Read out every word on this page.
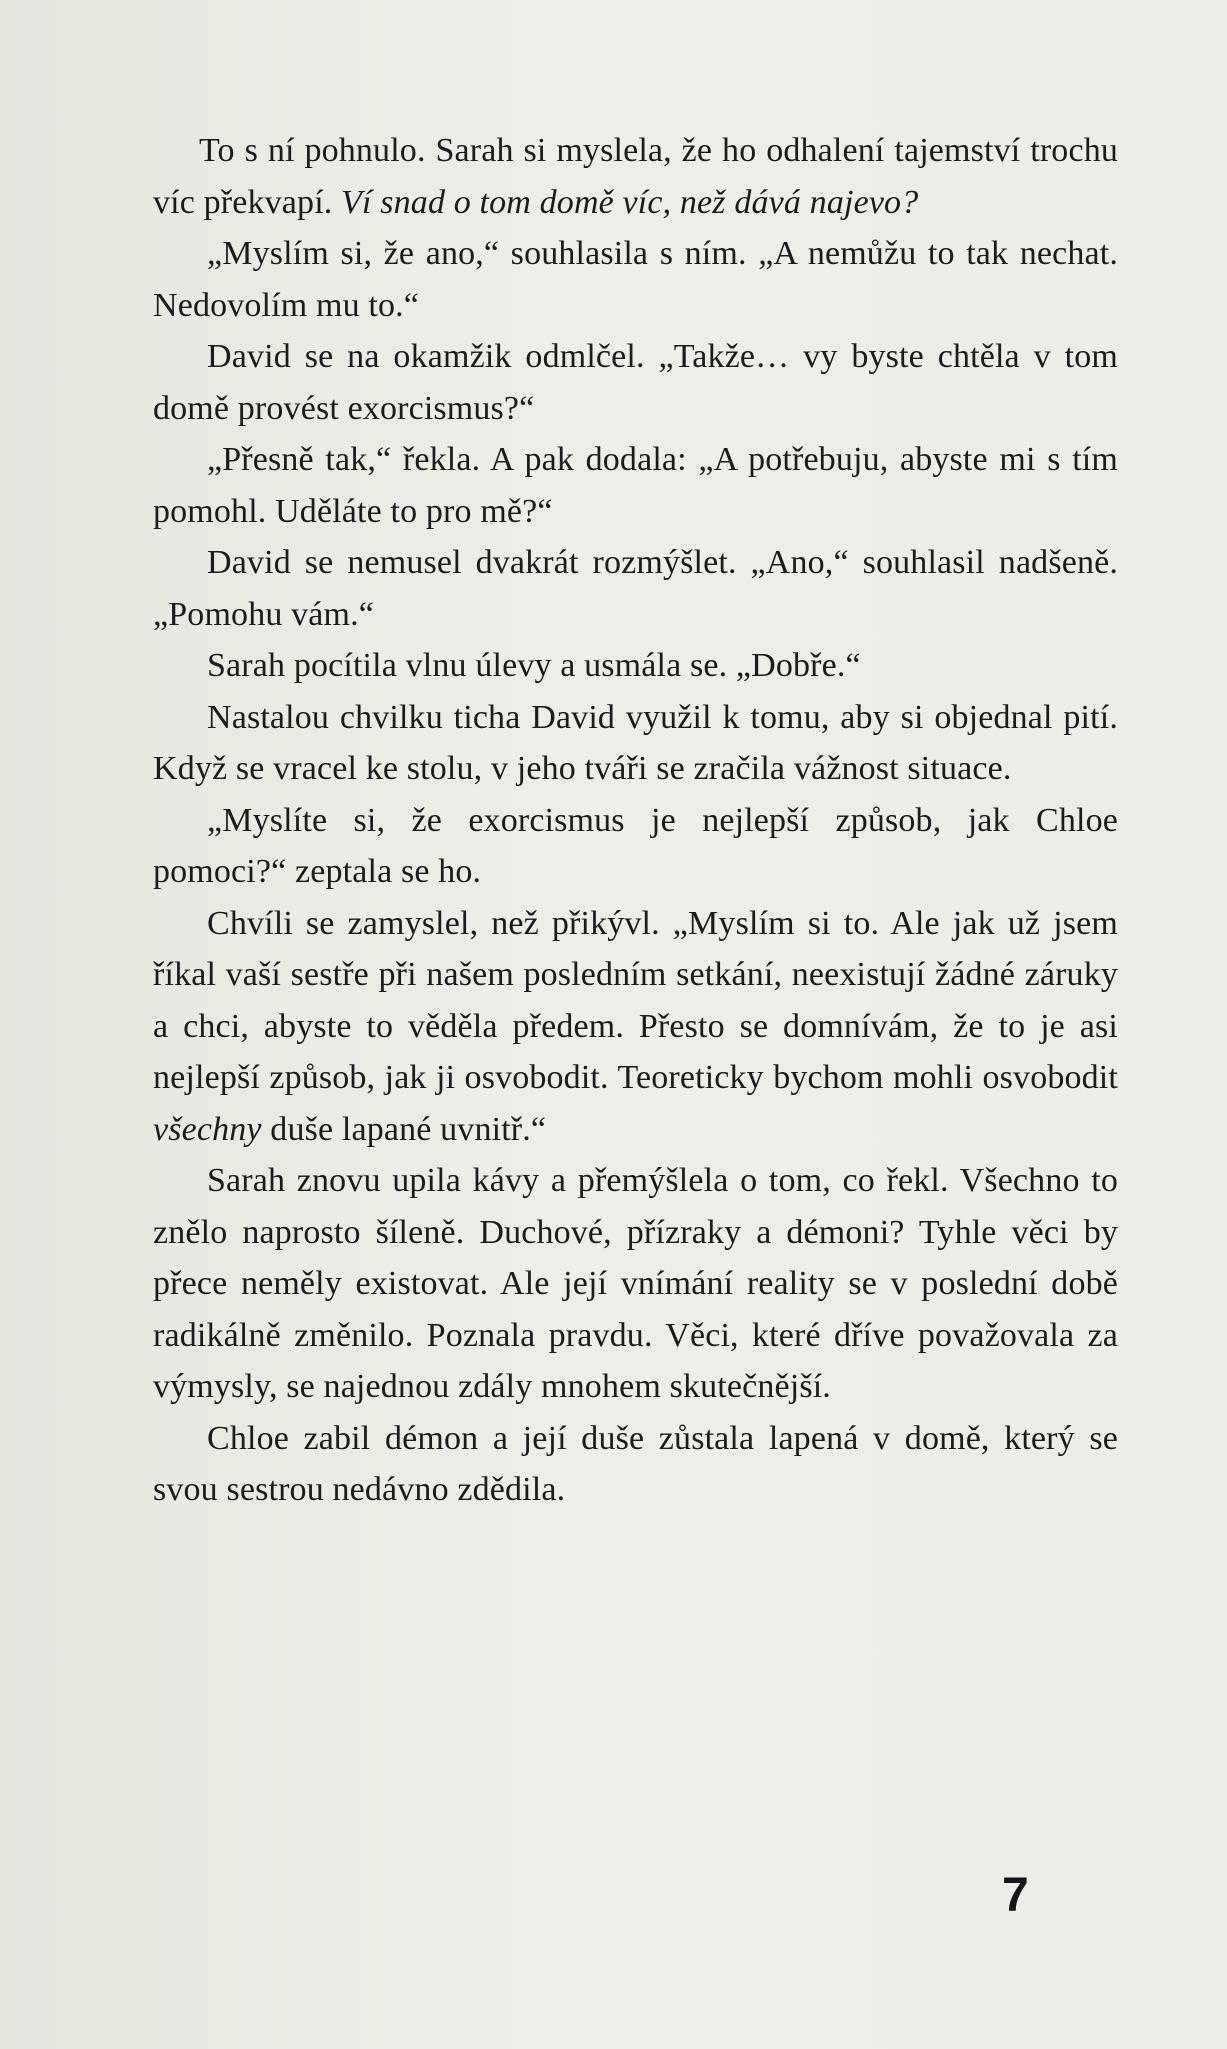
To s ní pohnulo. Sarah si myslela, že ho odhalení tajemství trochu víc překvapí. Ví snad o tom domě víc, než dává najevo?

„Myslím si, že ano,“ souhlasila s ním. „A nemůžu to tak nechat. Nedovolím mu to.“

David se na okamžik odmlčel. „Takže… vy byste chtěla v tom domě provést exorcismus?“

„Přesně tak,“ řekla. A pak dodala: „A potřebuju, abyste mi s tím pomohl. Uděláte to pro mě?“

David se nemusel dvakrát rozmýšlet. „Ano,“ souhlasil nadšeně. „Pomohu vám.“

Sarah pocítila vlnu úlevy a usmála se. „Dobře.“

Nastalou chvilku ticha David využil k tomu, aby si objednal pití. Když se vracel ke stolu, v jeho tváři se zračila vážnost situace.

„Myslíte si, že exorcismus je nejlepší způsob, jak Chloe pomoci?“ zeptala se ho.

Chvíli se zamyslel, než přikývl. „Myslím si to. Ale jak už jsem říkal vaší sestře při našem posledním setkání, neexistují žádné záruky a chci, abyste to věděla předem. Přesto se domnívám, že to je asi nejlepší způsob, jak ji osvobodit. Teoreticky bychom mohli osvobodit všechny duše lapané uvnitř.“

Sarah znovu upila kávy a přemýšlela o tom, co řekl. Všechno to znělo naprosto šíleně. Duchové, přízraky a démoni? Tyhle věci by přece neměly existovat. Ale její vnímání reality se v poslední době radikálně změnilo. Poznala pravdu. Věci, které dříve považovala za výmysly, se najednou zdály mnohem skutečnější.

Chloe zabil démon a její duše zůstala lapená v domě, který se svou sestrou nedávno zdědila.

7
